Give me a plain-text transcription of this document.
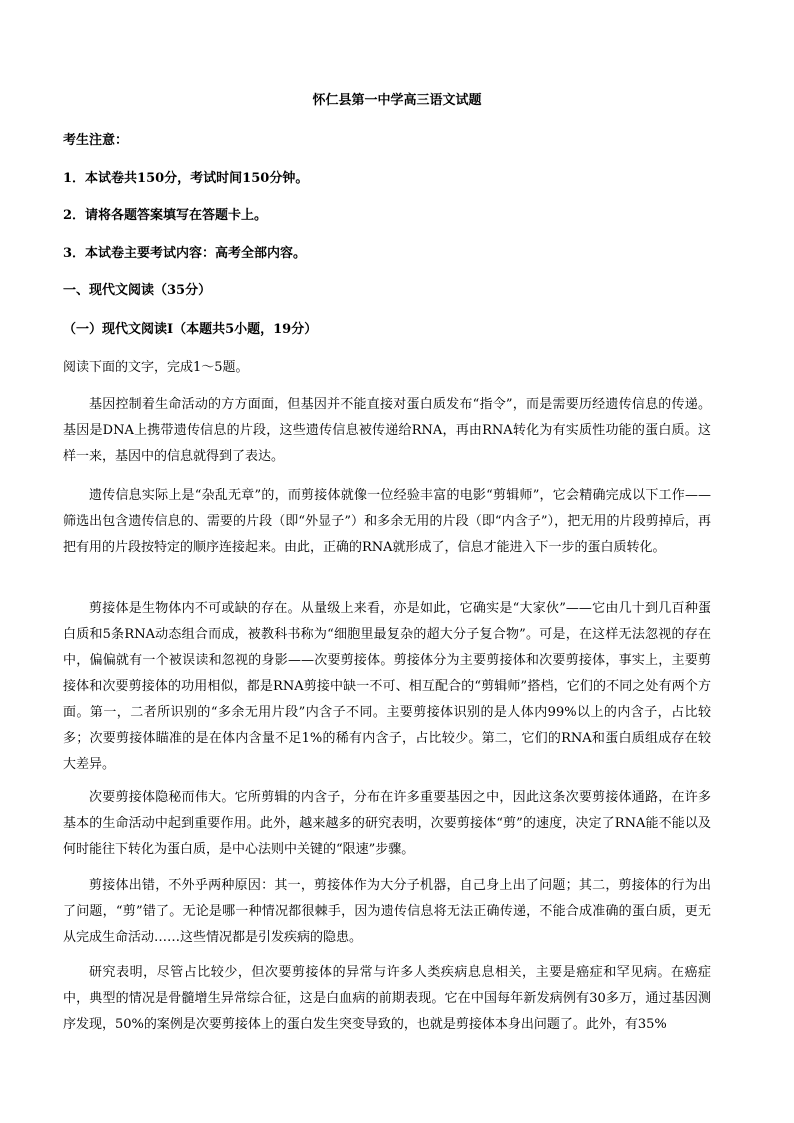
怀仁县第一中学高三语文试题
考生注意：
1．本试卷共150分，考试时间150分钟。
2．请将各题答案填写在答题卡上。
3．本试卷主要考试内容：高考全部内容。
一、现代文阅读（35分）
（一）现代文阅读Ⅰ（本题共5小题，19分）
阅读下面的文字，完成1～5题。
基因控制着生命活动的方方面面，但基因并不能直接对蛋白质发布“指令”，而是需要历经遗传信息的传递。基因是DNA上携带遗传信息的片段，这些遗传信息被传递给RNA，再由RNA转化为有实质性功能的蛋白质。这样一来，基因中的信息就得到了表达。
遗传信息实际上是“杂乱无章”的，而剪接体就像一位经验丰富的电影“剪辑师”，它会精确完成以下工作——筛选出包含遗传信息的、需要的片段（即“外显子”）和多余无用的片段（即“内含子”），把无用的片段剪掉后，再把有用的片段按特定的顺序连接起来。由此，正确的RNA就形成了，信息才能进入下一步的蛋白质转化。
剪接体是生物体内不可或缺的存在。从量级上来看，亦是如此，它确实是“大家伙”——它由几十到几百种蛋白质和5条RNA动态组合而成，被教科书称为“细胞里最复杂的超大分子复合物”。可是，在这样无法忽视的存在中，偏偏就有一个被误读和忽视的身影——次要剪接体。剪接体分为主要剪接体和次要剪接体，事实上，主要剪接体和次要剪接体的功用相似，都是RNA剪接中缺一不可、相互配合的“剪辑师”搭档，它们的不同之处有两个方面。第一，二者所识别的“多余无用片段”内含子不同。主要剪接体识别的是人体内99%以上的内含子，占比较多；次要剪接体瞄准的是在体内含量不足1%的稀有内含子，占比较少。第二，它们的RNA和蛋白质组成存在较大差异。
次要剪接体隐秘而伟大。它所剪辑的内含子，分布在许多重要基因之中，因此这条次要剪接体通路，在许多基本的生命活动中起到重要作用。此外，越来越多的研究表明，次要剪接体“剪”的速度，决定了RNA能不能以及何时能往下转化为蛋白质，是中心法则中关键的“限速”步骤。
剪接体出错，不外乎两种原因：其一，剪接体作为大分子机器，自己身上出了问题；其二，剪接体的行为出了问题，“剪”错了。无论是哪一种情况都很棘手，因为遗传信息将无法正确传递，不能合成准确的蛋白质，更无从完成生命活动……这些情况都是引发疾病的隐患。
研究表明，尽管占比较少，但次要剪接体的异常与许多人类疾病息息相关，主要是癌症和罕见病。在癌症中，典型的情况是骨髓增生异常综合征，这是白血病的前期表现。它在中国每年新发病例有30多万，通过基因测序发现，50%的案例是次要剪接体上的蛋白发生突变导致的，也就是剪接体本身出问题了。此外，有35%
